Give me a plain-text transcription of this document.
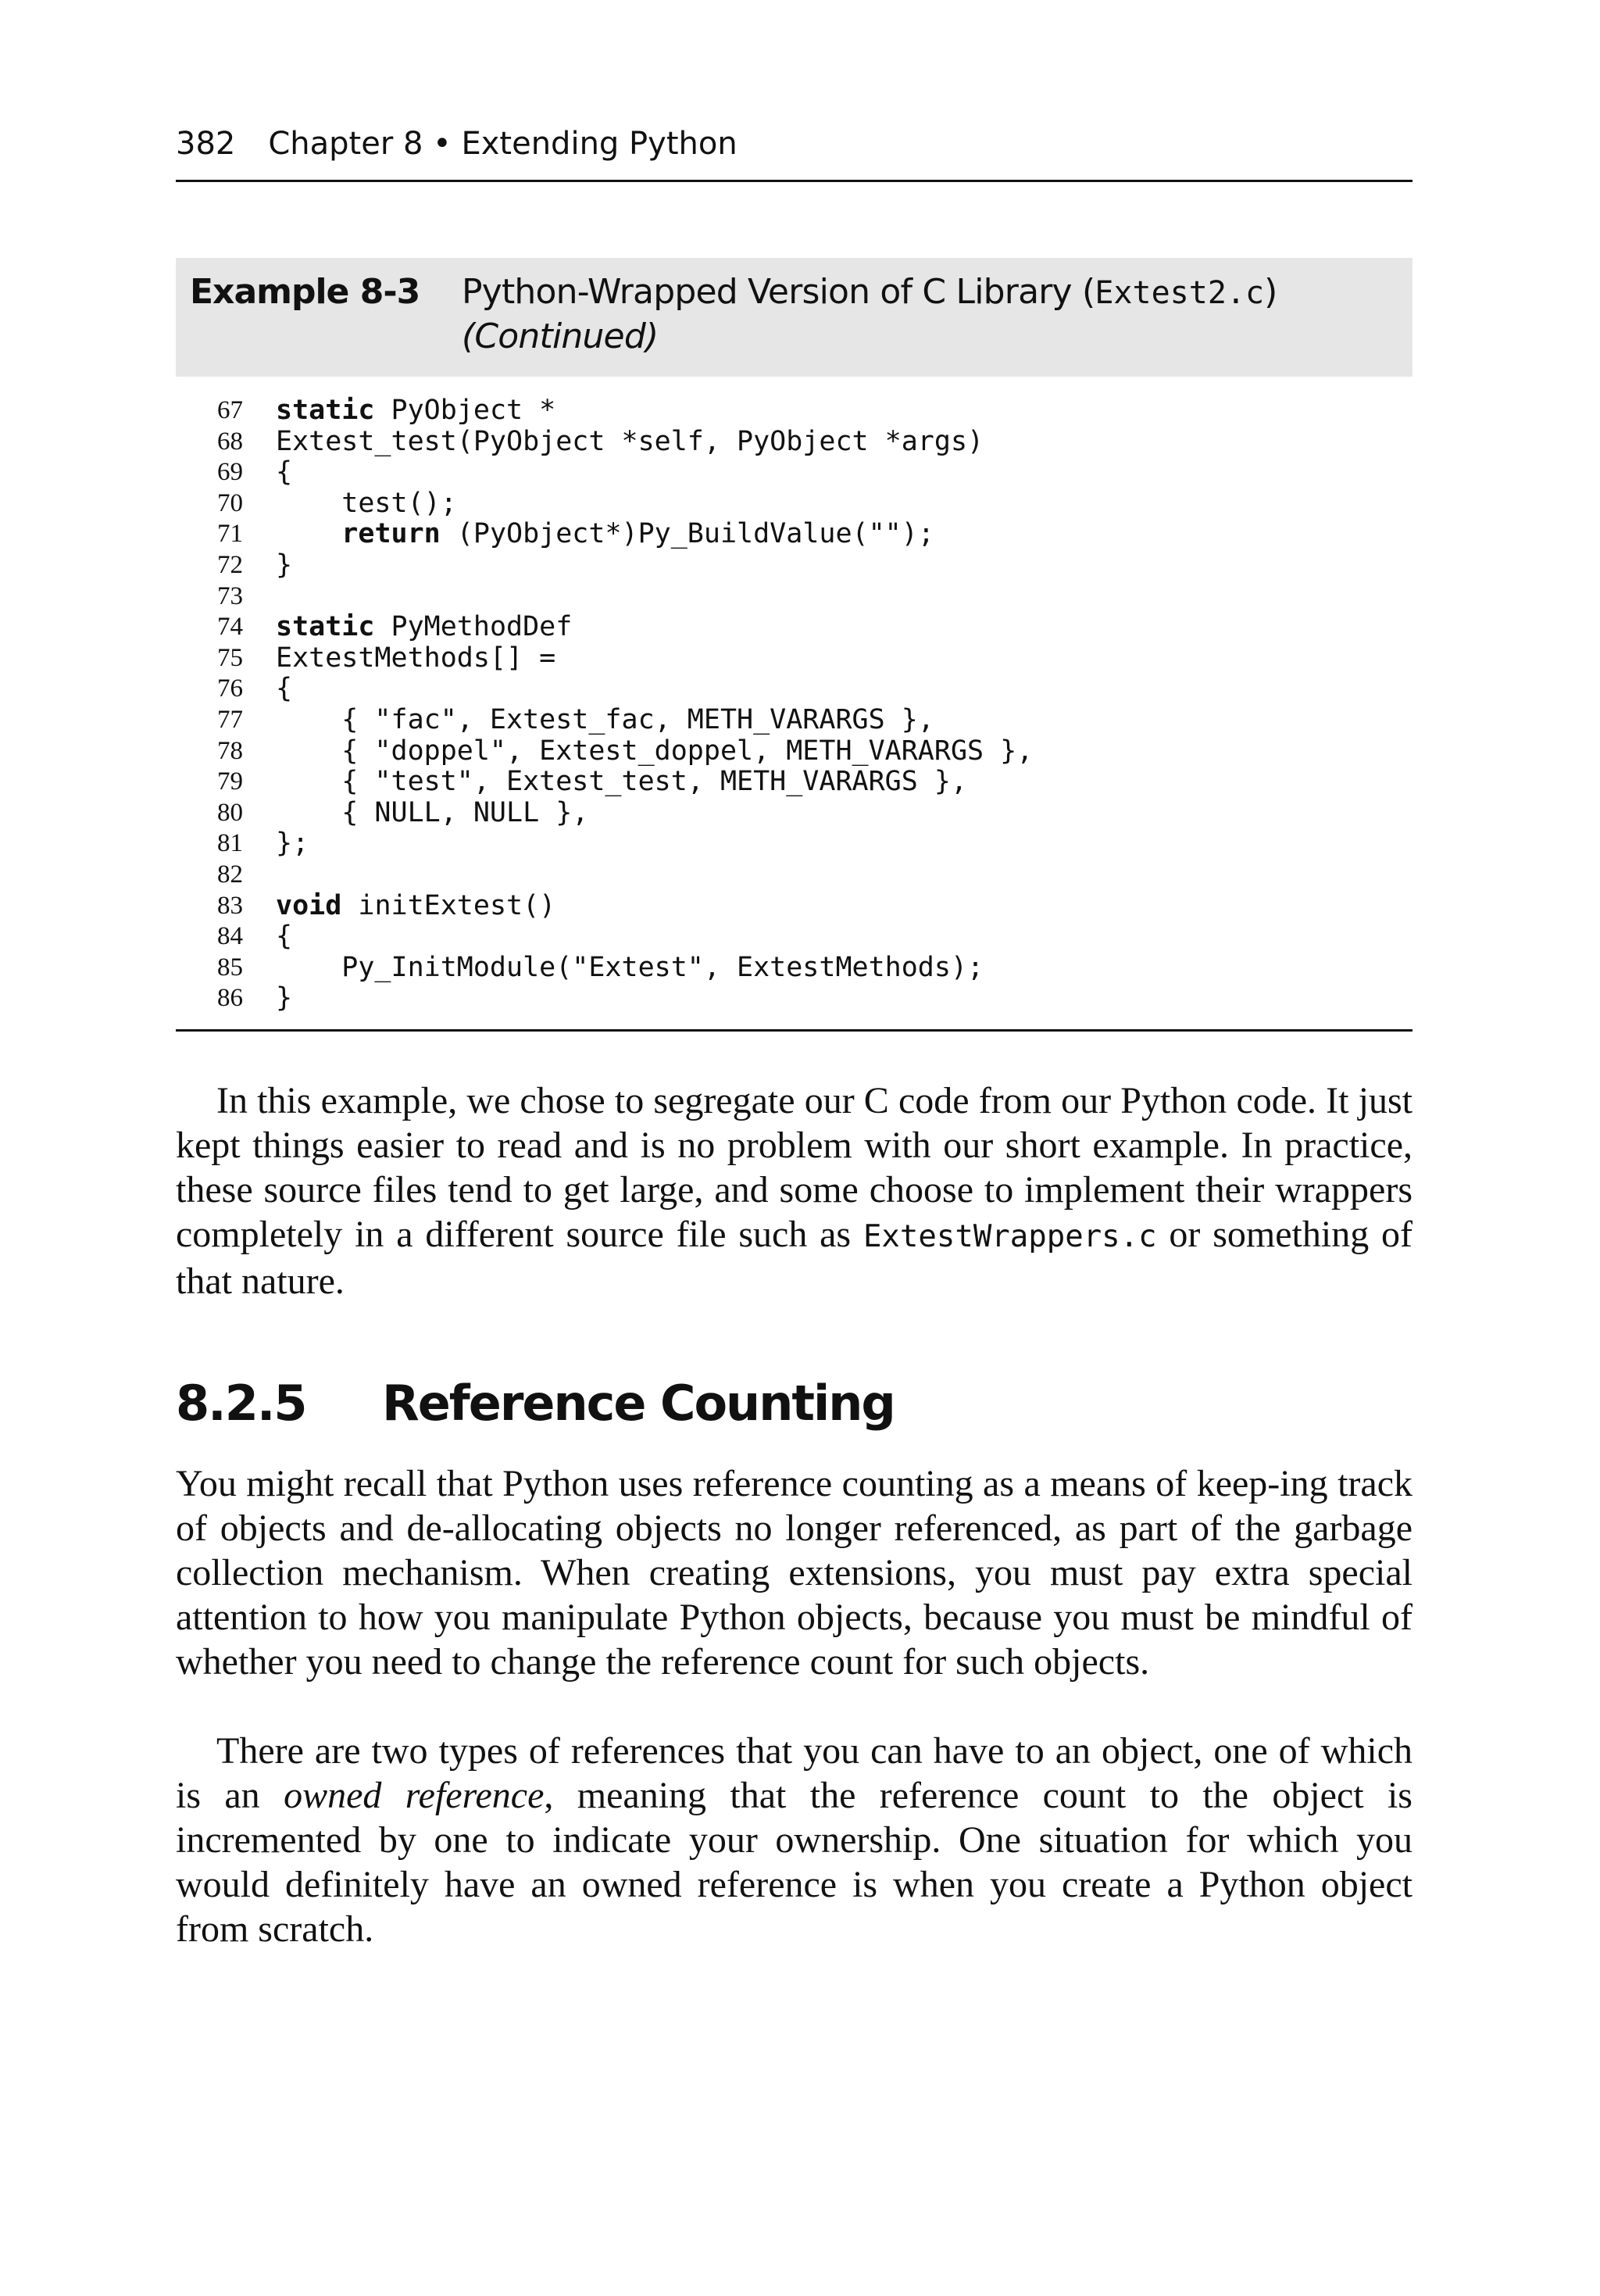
382 Chapter 8 • Extending Python
Example 8-3 Python-Wrapped Version of C Library (Extest2.c)
(Continued)
67	static PyObject *
68	Extest_test(PyObject *self, PyObject *args)
69	{
70	test();
71	return (PyObject*)Py_BuildValue("");
72	}
73
74	static PyMethodDef
75	ExtestMethods[] =
76	{
77	{ "fac", Extest_fac, METH_VARARGS },
78	{ "doppel", Extest_doppel, METH_VARARGS },
79	{ "test", Extest_test, METH_VARARGS },
80	{ NULL, NULL },
81	};
82
83	void initExtest()
84	{
85	Py_InitModule("Extest", ExtestMethods);
86	}

In this example, we chose to segregate our C code from our Python code. It just kept things easier to read and is no problem with our short example. In practice, these source files tend to get large, and some choose to implement their wrappers completely in a different source file such as ExtestWrappers.c or something of that nature.

8.2.5 Reference Counting

You might recall that Python uses reference counting as a means of keep-ing track of objects and de-allocating objects no longer referenced, as part of the garbage collection mechanism. When creating extensions, you must pay extra special attention to how you manipulate Python objects, because you must be mindful of whether you need to change the reference count for such objects.

There are two types of references that you can have to an object, one of which is an owned reference, meaning that the reference count to the object is incremented by one to indicate your ownership. One situation for which you would definitely have an owned reference is when you create a Python object from scratch.
